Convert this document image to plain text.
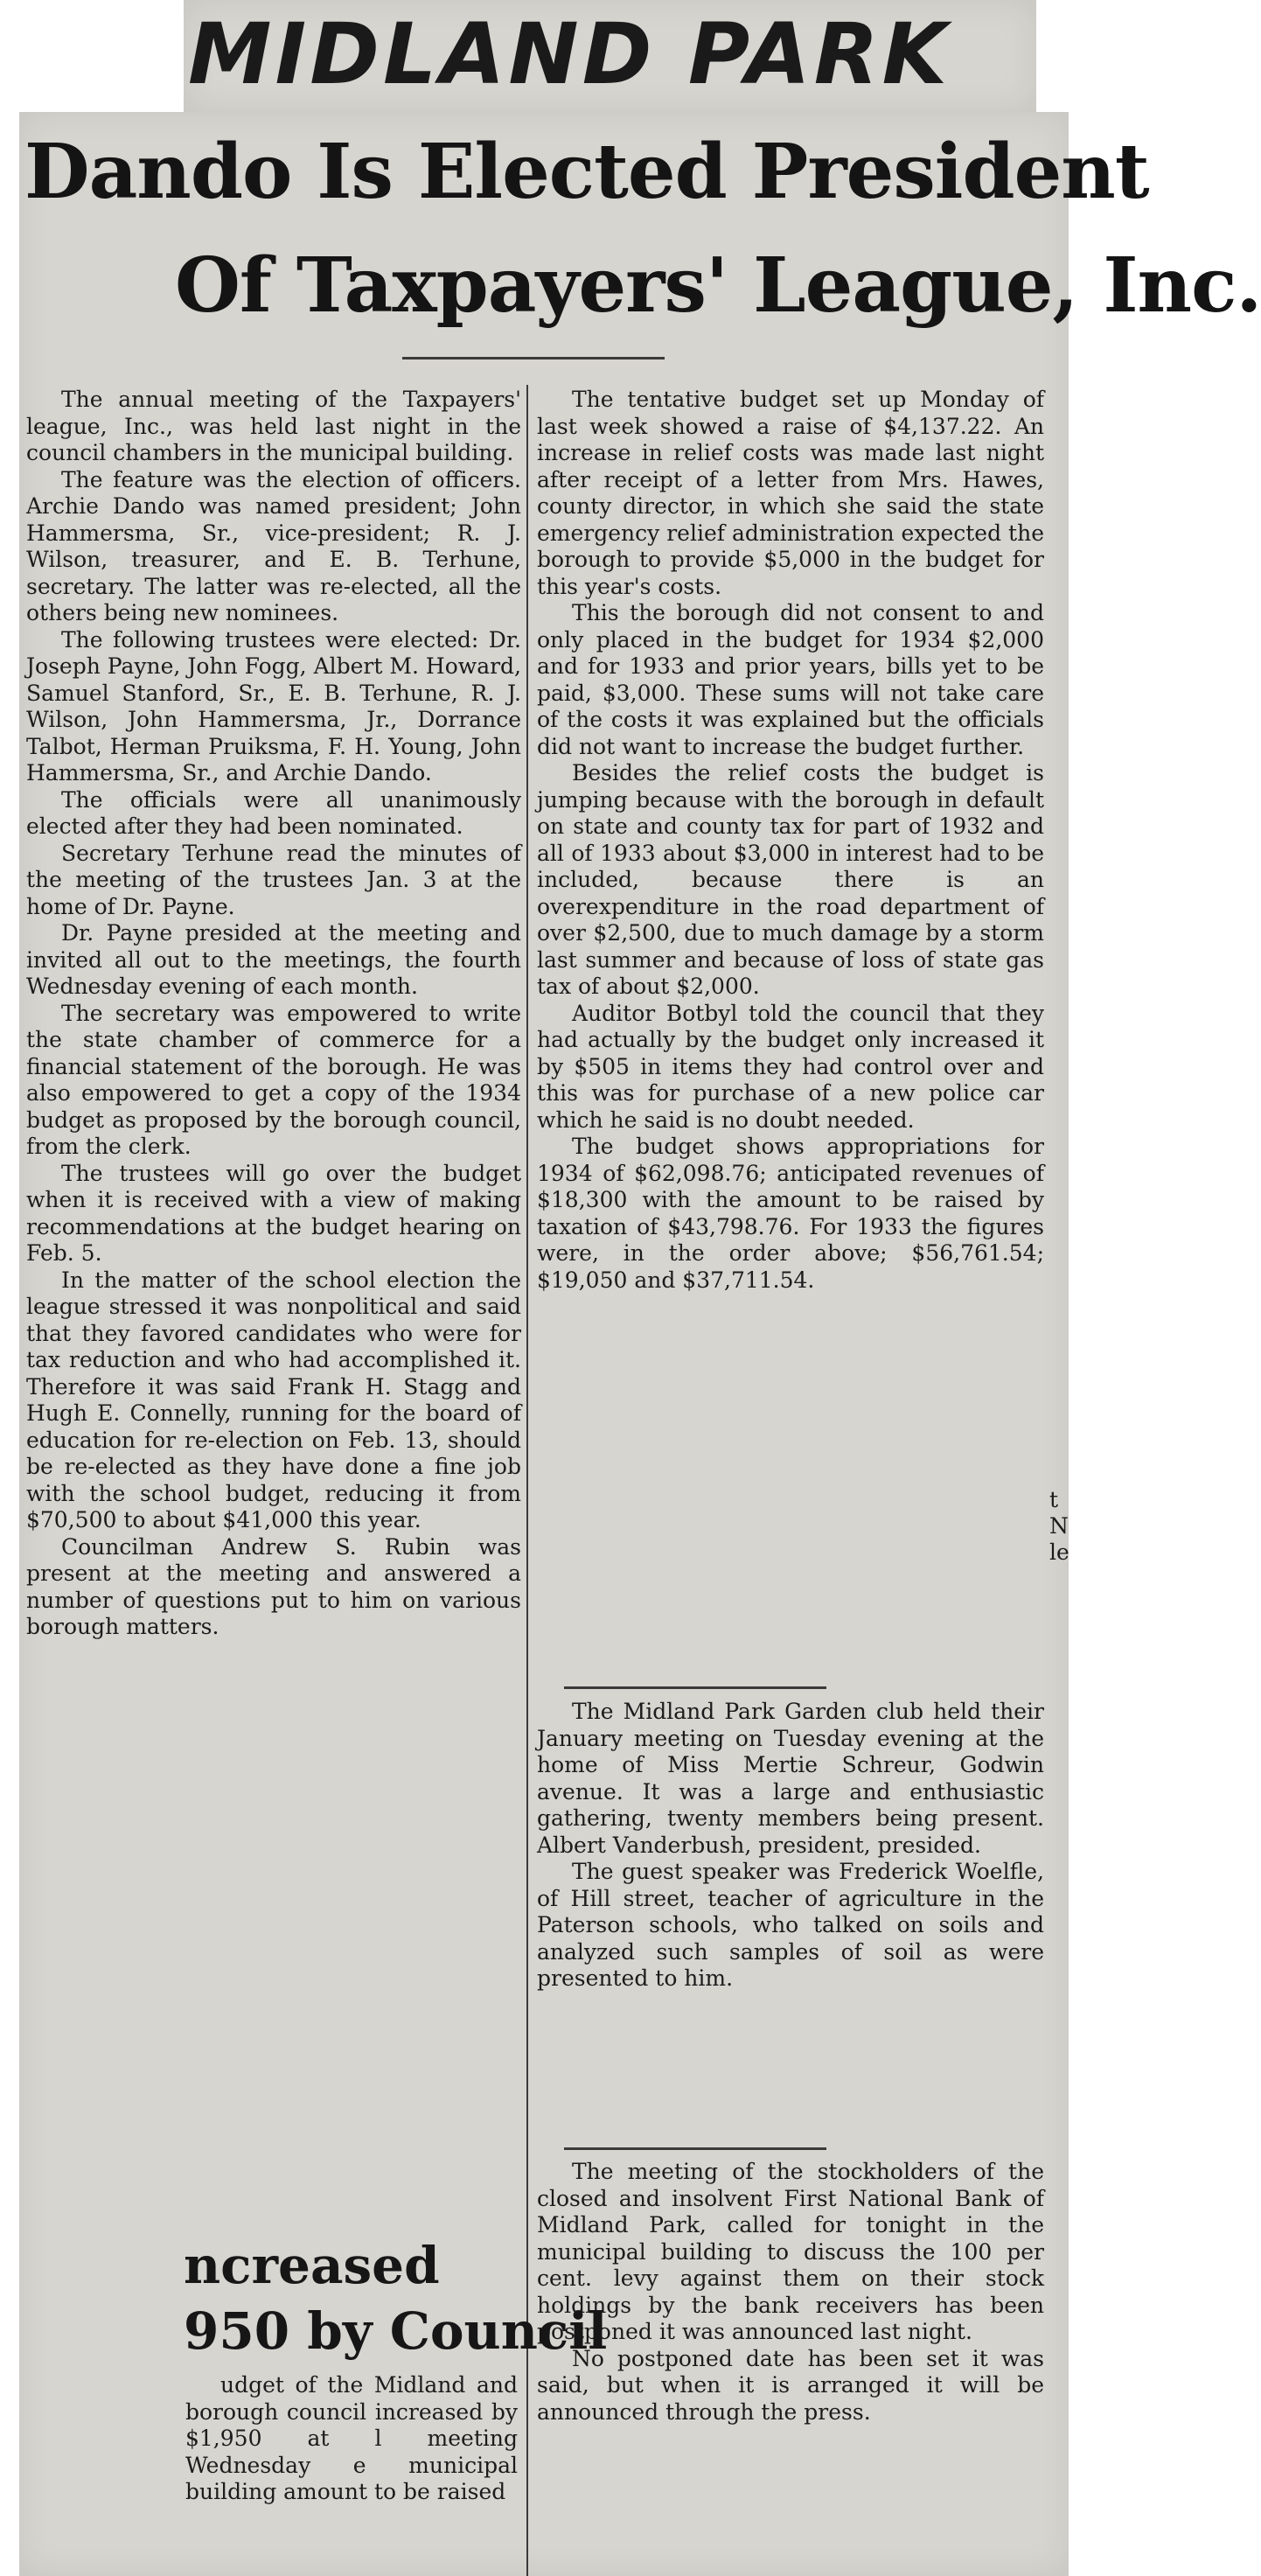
MIDLAND PARK
Dando Is Elected President
Of Taxpayers' League, Inc.

The annual meeting of the Taxpayers' league, Inc., was held last night in the council chambers in the municipal building.

The feature was the election of officers. Archie Dando was named president; John Hammersma, Sr., vice-president; R. J. Wilson, treasurer, and E. B. Terhune, secretary. The latter was re-elected, all the others being new nominees.

The following trustees were elected: Dr. Joseph Payne, John Fogg, Albert M. Howard, Samuel Stanford, Sr., E. B. Terhune, R. J. Wilson, John Hammersma, Jr., Dorrance Talbot, Herman Pruiksma, F. H. Young, John Hammersma, Sr., and Archie Dando.

The officials were all unanimously elected after they had been nominated.

Secretary Terhune read the minutes of the meeting of the trustees Jan. 3 at the home of Dr. Payne.

Dr. Payne presided at the meeting and invited all out to the meetings, the fourth Wednesday evening of each month.

The secretary was empowered to write the state chamber of commerce for a financial statement of the borough. He was also empowered to get a copy of the 1934 budget as proposed by the borough council, from the clerk.

The trustees will go over the budget when it is received with a view of making recommendations at the budget hearing on Feb. 5.

In the matter of the school election the league stressed it was nonpolitical and said that they favored candidates who were for tax reduction and who had accomplished it. Therefore it was said Frank H. Stagg and Hugh E. Connelly, running for the board of education for re-election on Feb. 13, should be re-elected as they have done a fine job with the school budget, reducing it from $70,500 to about $41,000 this year.

Councilman Andrew S. Rubin was present at the meeting and answered a number of questions put to him on various borough matters.

The tentative budget set up Monday of last week showed a raise of $4,137.22. An increase in relief costs was made last night after receipt of a letter from Mrs. Hawes, county director, in which she said the state emergency relief administration expected the borough to provide $5,000 in the budget for this year's costs.

This the borough did not consent to and only placed in the budget for 1934 $2,000 and for 1933 and prior years, bills yet to be paid, $3,000. These sums will not take care of the costs it was explained but the officials did not want to increase the budget further.

Besides the relief costs the budget is jumping because with the borough in default on state and county tax for part of 1932 and all of 1933 about $3,000 in interest had to be included, because there is an overexpenditure in the road department of over $2,500, due to much damage by a storm last summer and because of loss of state gas tax of about $2,000.

Auditor Botbyl told the council that they had actually by the budget only increased it by $505 in items they had control over and this was for purchase of a new police car which he said is no doubt needed.

The budget shows appropriations for 1934 of $62,098.76; anticipated revenues of $18,300 with the amount to be raised by taxation of $43,798.76. For 1933 the figures were, in the order above; $56,761.54; $19,050 and $37,711.54.

t N le

The Midland Park Garden club held their January meeting on Tuesday evening at the home of Miss Mertie Schreur, Godwin avenue. It was a large and enthusiastic gathering, twenty members being present. Albert Vanderbush, president, presided.

The guest speaker was Frederick Woelfle, of Hill street, teacher of agriculture in the Paterson schools, who talked on soils and analyzed such samples of soil as were presented to him.

The meeting of the stockholders of the closed and insolvent First National Bank of Midland Park, called for tonight in the municipal building to discuss the 100 per cent. levy against them on their stock holdings by the bank receivers has been postponed it was announced last night.

No postponed date has been set it was said, but when it is arranged it will be announced through the press.

ncreased
950 by Council

udget of the Midland and borough council increased by $1,950 at l meeting Wednesday e municipal building amount to be raised
